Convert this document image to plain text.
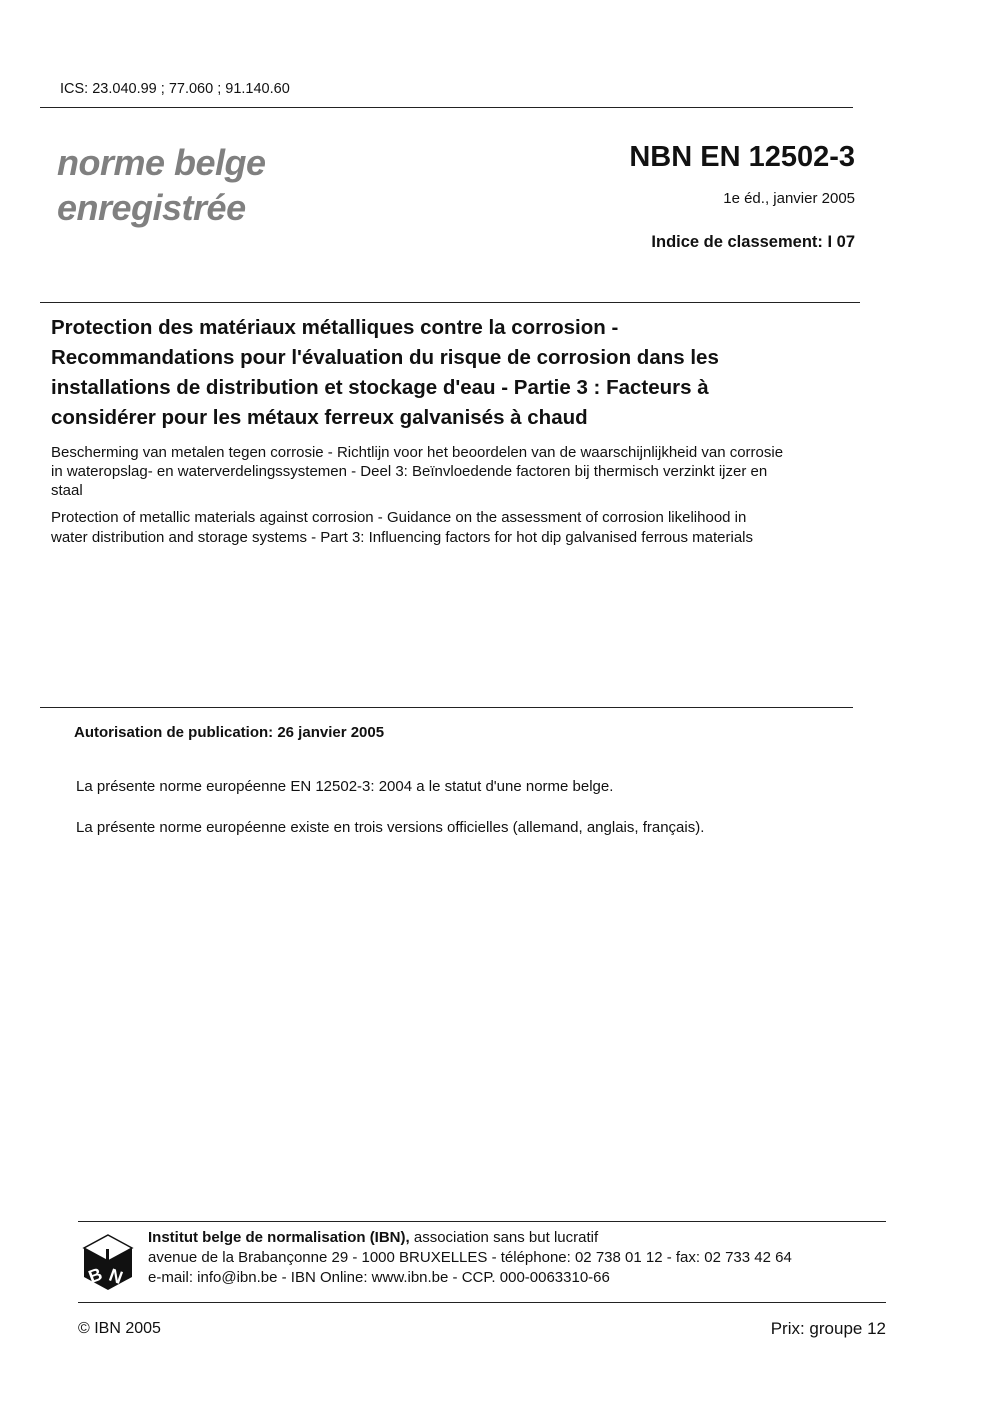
ICS: 23.040.99 ; 77.060 ; 91.140.60
norme belge
enregistrée
NBN EN 12502-3
1e éd., janvier 2005
Indice de classement: I 07
Protection des matériaux métalliques contre la corrosion -
Recommandations pour l'évaluation du risque de corrosion dans les
installations de distribution et stockage d'eau - Partie 3 : Facteurs à
considérer pour les métaux ferreux galvanisés à chaud
Bescherming van metalen tegen corrosie - Richtlijn voor het beoordelen van de waarschijnlijkheid van corrosie
in wateropslag- en waterverdelingssystemen - Deel 3: Beïnvloedende factoren bij thermisch verzinkt ijzer en
staal
Protection of metallic materials against corrosion - Guidance on the assessment of corrosion likelihood in
water distribution and storage systems - Part 3: Influencing factors for hot dip galvanised ferrous materials
Autorisation de publication: 26 janvier 2005
La présente norme européenne EN 12502-3: 2004 a le statut d'une norme belge.
La présente norme européenne existe en trois versions officielles (allemand, anglais, français).
B N
Institut belge de normalisation (IBN), association sans but lucratif
avenue de la Brabançonne 29 - 1000 BRUXELLES - téléphone: 02 738 01 12 - fax: 02 733 42 64
e-mail: info@ibn.be - IBN Online: www.ibn.be - CCP. 000-0063310-66
© IBN 2005	Prix: groupe 12
